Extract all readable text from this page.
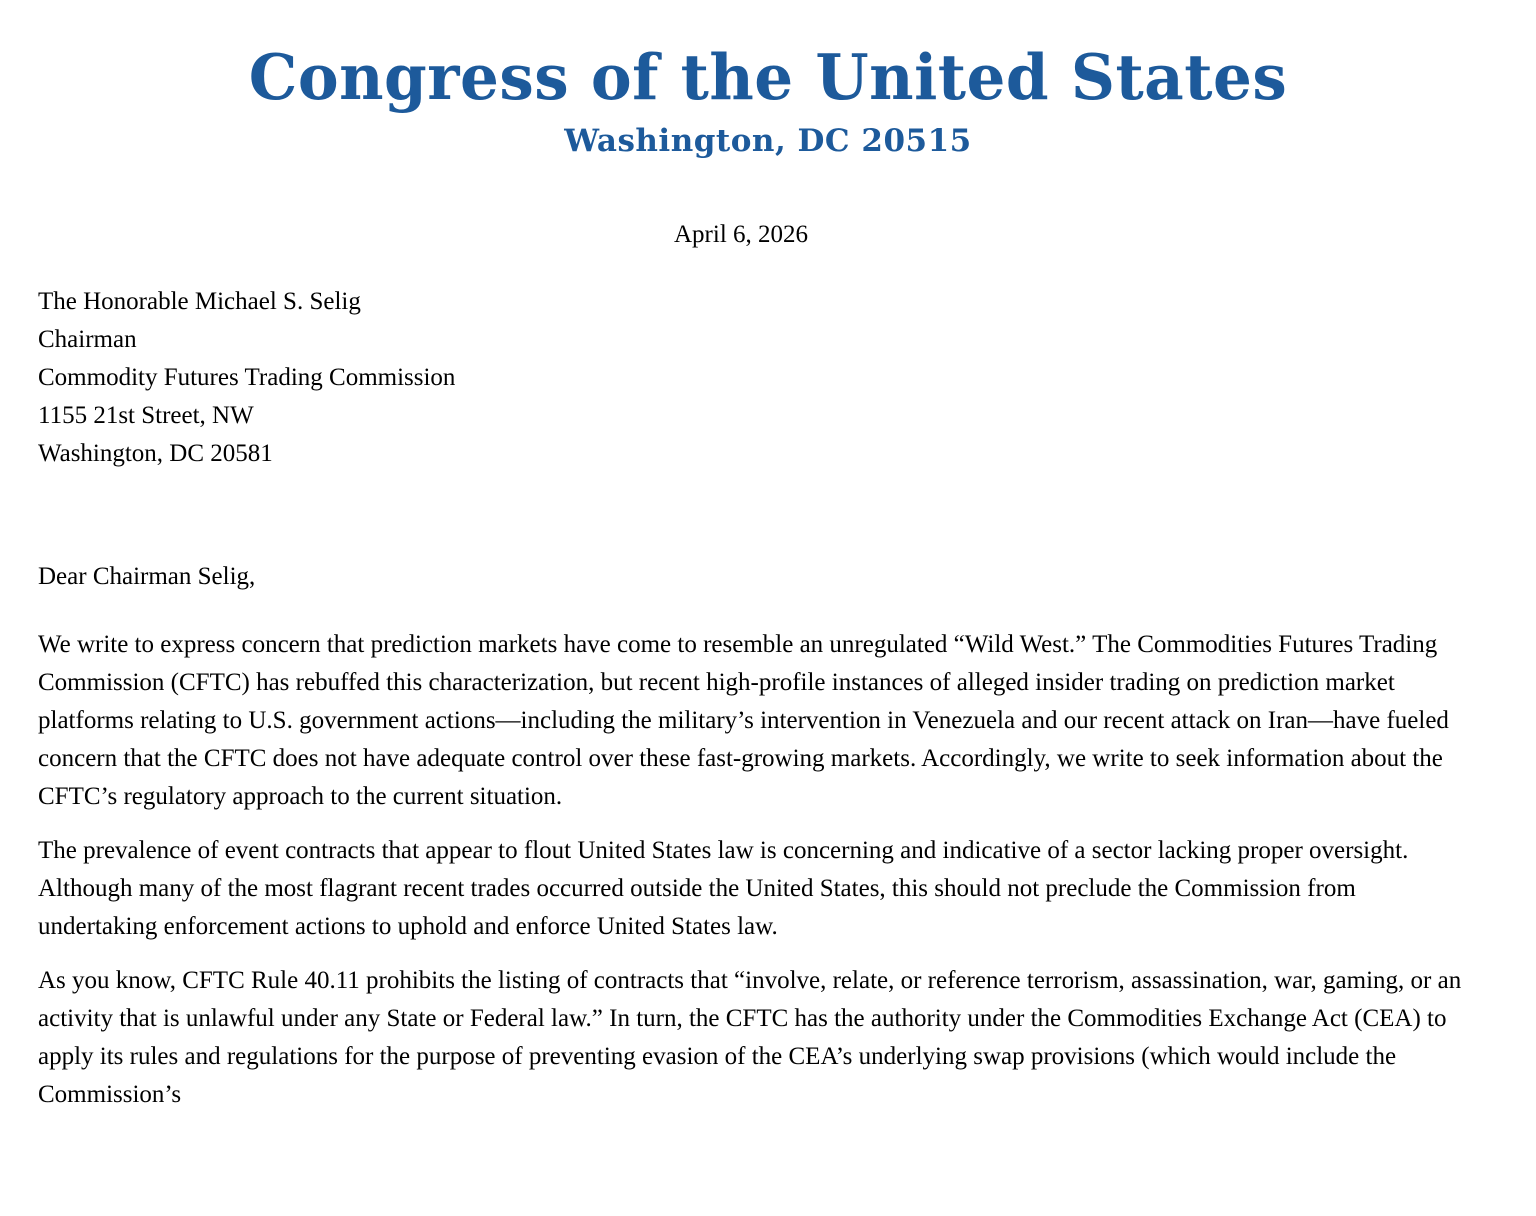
Congress of the United States
Washington, DC 20515
April 6, 2026
The Honorable Michael S. Selig
Chairman
Commodity Futures Trading Commission
1155 21st Street, NW
Washington, DC 20581

Dear Chairman Selig,

We write to express concern that prediction markets have come to resemble an unregulated “Wild West.” The Commodities Futures Trading Commission (CFTC) has rebuffed this characterization, but recent high-profile instances of alleged insider trading on prediction market platforms relating to U.S. government actions—including the military’s intervention in Venezuela and our recent attack on Iran—have fueled concern that the CFTC does not have adequate control over these fast-growing markets. Accordingly, we write to seek information about the CFTC’s regulatory approach to the current situation.

The prevalence of event contracts that appear to flout United States law is concerning and indicative of a sector lacking proper oversight. Although many of the most flagrant recent trades occurred outside the United States, this should not preclude the Commission from undertaking enforcement actions to uphold and enforce United States law.

As you know, CFTC Rule 40.11 prohibits the listing of contracts that “involve, relate, or reference terrorism, assassination, war, gaming, or an activity that is unlawful under any State or Federal law.” In turn, the CFTC has the authority under the Commodities Exchange Act (CEA) to apply its rules and regulations for the purpose of preventing evasion of the CEA’s underlying swap provisions (which would include the Commission’s
